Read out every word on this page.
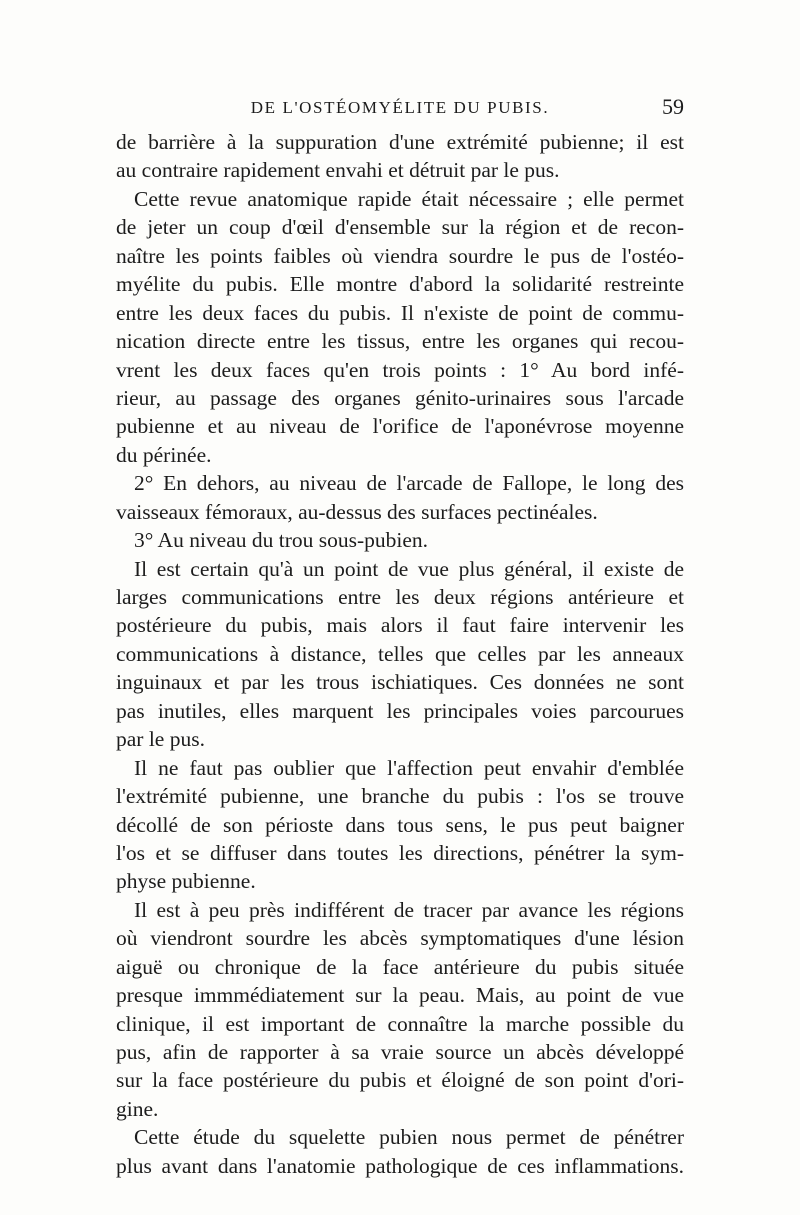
DE L'OSTÉOMYÉLITE DU PUBIS.	59
de barrière à la suppuration d'une extrémité pubienne; il est
au contraire rapidement envahi et détruit par le pus.
Cette revue anatomique rapide était nécessaire ; elle permet
de jeter un coup d'œil d'ensemble sur la région et de recon-
naître les points faibles où viendra sourdre le pus de l'ostéo-
myélite du pubis. Elle montre d'abord la solidarité restreinte
entre les deux faces du pubis. Il n'existe de point de commu-
nication directe entre les tissus, entre les organes qui recou-
vrent les deux faces qu'en trois points : 1° Au bord infé-
rieur, au passage des organes génito-urinaires sous l'arcade
pubienne et au niveau de l'orifice de l'aponévrose moyenne
du périnée.
2° En dehors, au niveau de l'arcade de Fallope, le long des
vaisseaux fémoraux, au-dessus des surfaces pectinéales.
3° Au niveau du trou sous-pubien.
Il est certain qu'à un point de vue plus général, il existe de
larges communications entre les deux régions antérieure et
postérieure du pubis, mais alors il faut faire intervenir les
communications à distance, telles que celles par les anneaux
inguinaux et par les trous ischiatiques. Ces données ne sont
pas inutiles, elles marquent les principales voies parcourues
par le pus.
Il ne faut pas oublier que l'affection peut envahir d'emblée
l'extrémité pubienne, une branche du pubis : l'os se trouve
décollé de son périoste dans tous sens, le pus peut baigner
l'os et se diffuser dans toutes les directions, pénétrer la sym-
physe pubienne.
Il est à peu près indifférent de tracer par avance les régions
où viendront sourdre les abcès symptomatiques d'une lésion
aiguë ou chronique de la face antérieure du pubis située
presque immmédiatement sur la peau. Mais, au point de vue
clinique, il est important de connaître la marche possible du
pus, afin de rapporter à sa vraie source un abcès développé
sur la face postérieure du pubis et éloigné de son point d'ori-
gine.
Cette étude du squelette pubien nous permet de pénétrer
plus avant dans l'anatomie pathologique de ces inflammations.
